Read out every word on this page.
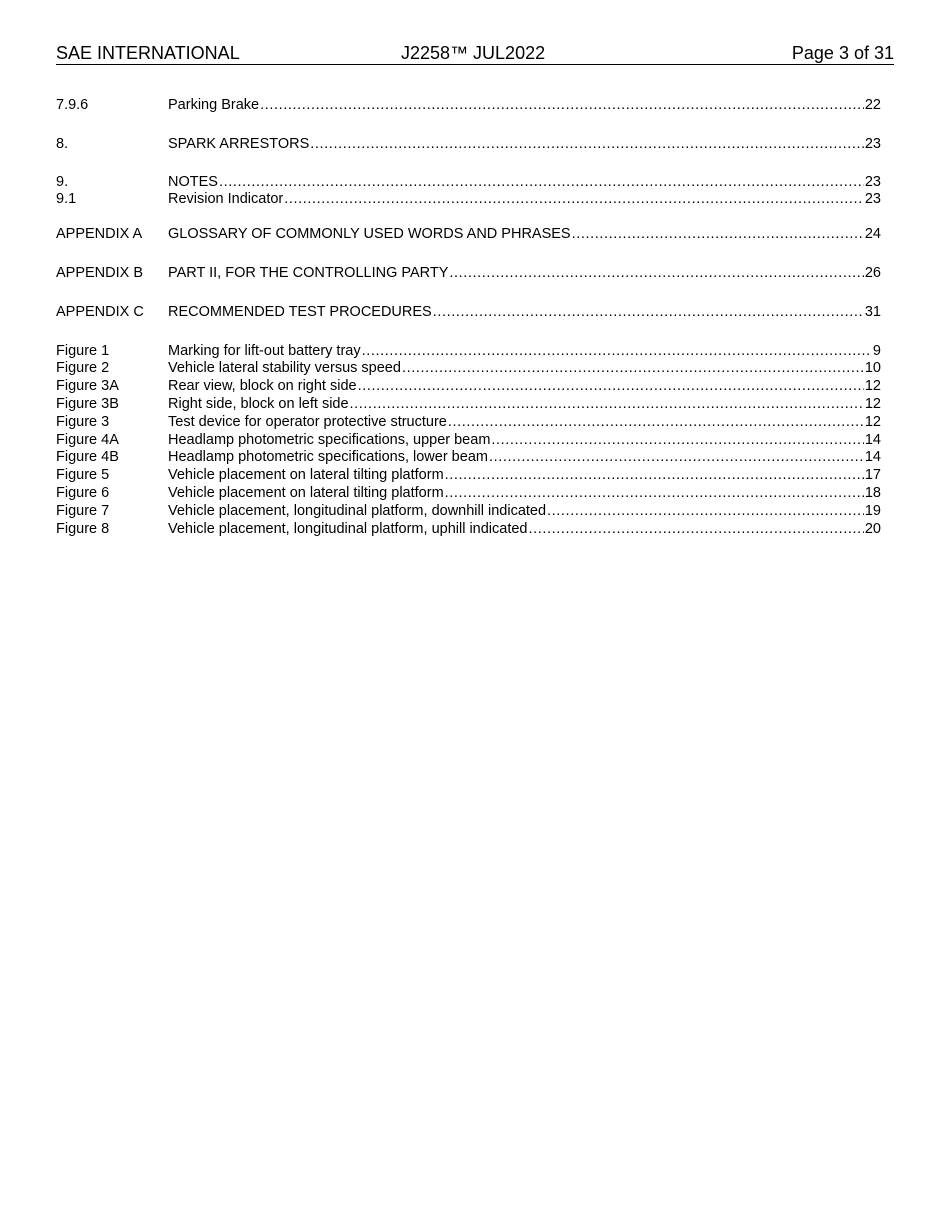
SAE INTERNATIONAL	J2258™ JUL2022	Page 3 of 31
7.9.6	Parking Brake .....	22
8.	SPARK ARRESTORS .....	23
9.	NOTES .....	23
9.1	Revision Indicator .....	23
APPENDIX A	GLOSSARY OF COMMONLY USED WORDS AND PHRASES .....	24
APPENDIX B	PART II, FOR THE CONTROLLING PARTY .....	26
APPENDIX C	RECOMMENDED TEST PROCEDURES .....	31
Figure 1	Marking for lift-out battery tray .....	9
Figure 2	Vehicle lateral stability versus speed .....	10
Figure 3A	Rear view, block on right side .....	12
Figure 3B	Right side, block on left side .....	12
Figure 3	Test device for operator protective structure .....	12
Figure 4A	Headlamp photometric specifications, upper beam .....	14
Figure 4B	Headlamp photometric specifications, lower beam .....	14
Figure 5	Vehicle placement on lateral tilting platform .....	17
Figure 6	Vehicle placement on lateral tilting platform .....	18
Figure 7	Vehicle placement, longitudinal platform, downhill indicated .....	19
Figure 8	Vehicle placement, longitudinal platform, uphill indicated .....	20
